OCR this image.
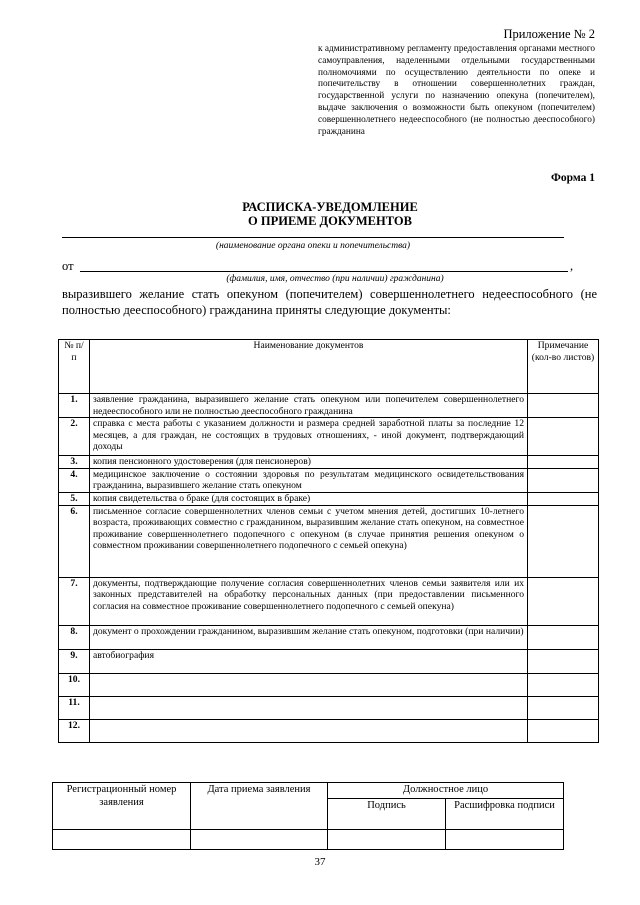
Приложение № 2
к административному регламенту предоставления органами местного самоуправления, наделенными отдельными государственными полномочиями по осуществлению деятельности по опеке и попечительству в отношении совершеннолетних граждан, государственной услуги по назначению опекуна (попечителем), выдаче заключения о возможности быть опекуном (попечителем) совершеннолетнего недееспособного (не полностью дееспособного) гражданина
Форма 1
РАСПИСКА-УВЕДОМЛЕНИЕ
О ПРИЕМЕ ДОКУМЕНТОВ
(наименование органа опеки и попечительства)
от	,
(фамилия, имя, отчество (при наличии) гражданина)
выразившего желание стать опекуном (попечителем) совершеннолетнего недееспособного (не полностью дееспособного) гражданина приняты следующие документы:
№ п/п	Наименование документов	Примечание (кол-во листов)
1.	заявление гражданина, выразившего желание стать опекуном или попечителем совершеннолетнего недееспособного или не полностью дееспособного гражданина	
2.	справка с места работы с указанием должности и размера средней заработной платы за последние 12 месяцев, а для граждан, не состоящих в трудовых отношениях, - иной документ, подтверждающий доходы	
3.	копия пенсионного удостоверения (для пенсионеров)	
4.	медицинское заключение о состоянии здоровья по результатам медицинского освидетельствования гражданина, выразившего желание стать опекуном	
5.	копия свидетельства о браке (для состоящих в браке)	
6.	письменное согласие совершеннолетних членов семьи с учетом мнения детей, достигших 10-летнего возраста, проживающих совместно с гражданином, выразившим желание стать опекуном, на совместное проживание совершеннолетнего подопечного с опекуном (в случае принятия решения опекуном о совместном проживании совершеннолетнего подопечного с семьей опекуна)	
7.	документы, подтверждающие получение согласия совершеннолетних членов семьи заявителя или их законных представителей на обработку персональных данных (при предоставлении письменного согласия на совместное проживание совершеннолетнего подопечного с семьей опекуна)	
8.	документ о прохождении гражданином, выразившим желание стать опекуном, подготовки (при наличии)	
9.	автобиография	
10.		
11.		
12.		
Регистрационный номер заявления	Дата приема заявления	Должностное лицо	
		Подпись	Расшифровка подписи

37
